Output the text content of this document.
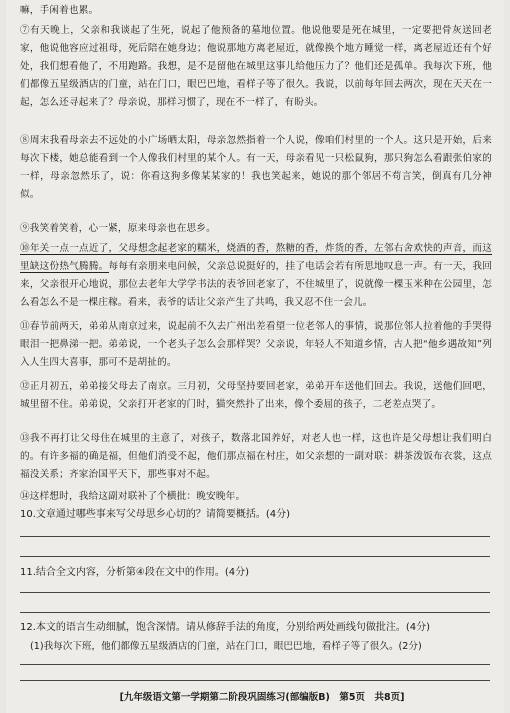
嘛，手闲着也累。

⑦有天晚上，父亲和我谈起了生死，说起了他预备的墓地位置。他说他要是死在城里，一定要把骨灰送回老家，他说他容应过祖母，死后陪在她身边；他说那地方离老屋近，就像换个地方睡觉一样，离老屋近还有个好处，我们想看他了，不用跑路。我想，是不是留他在城里这事儿给他压力了？他们还是孤单。我每次下班，他们都像五星级酒店的门童，站在门口，眼巴巴地，看样子等了很久。我说，以前每年回去两次，现在天天在一起，怎么还寻起来了？母亲说，那样习惯了，现在不一样了，有盼头。

⑧周末我看母亲去不远处的小广场晒太阳，母亲忽然指着一个人说，像咱们村里的一个人。这只是开始，后来每次下楼，她总能看到一个人像我们村里的某个人。有一天，母亲看见一只松鼠狗，那只狗怎么看跟张伯家的一样，母亲忽然乐了，说：你看这狗多像某某家的！我也笑起来，她说的那个邻居不苟言笑，倒真有几分神似。

⑨我笑着笑着，心一紧，原来母亲也在思乡。

⑩年关一点一点近了，父母想念起老家的糯米，烧酒的香，熬糖的香，炸货的香，左邻右舍欢快的声音，而这里缺这份热气腾腾。每每有亲朋来电问候，父亲总说挺好的，挂了电话会若有所思地叹息一声。有一天，我回来，父亲很开心地说，那位去老年大学学书法的表爷回老家了，不住城里了，说就像一棵玉米种在公园里，怎么看怎么不是一棵庄稼。看来，表爷的话让父亲产生了共鸣，我又忍不住一会儿。

⑪春节前两天，弟弟从南京过来，说起前不久去广州出差看望一位老邻人的事情，说那位邻人拉着他的手哭得眼泪一把鼻涕一把。弟弟说，一个老头子怎么会那样哭？父亲说，年轻人不知道乡情，古人把“他乡遇故知”列入人生四大喜事，那可不是胡扯的。

⑫正月初五，弟弟接父母去了南京。三月初，父母坚持要回老家，弟弟开车送他们回去。我说，送他们回吧，城里留不住。弟弟说，父亲打开老家的门时，猫突然扑了出来，像个委屈的孩子，二老差点哭了。

⑬我不再打让父母住在城里的主意了，对孩子，数落北国养好，对老人也一样，这也许是父母想让我们明白的。有许多福的确是福，但他们消受不起，他们那点福在村庄，如父亲想的一副对联：耕茶泼饭布衣裳，这点福没关系；齐家治国平天下，那些事对不起。

⑭这样想时，我给这副对联补了个横批：晚安晚年。

10.文章通过哪些事来写父母思乡心切的？请简要概括。(4分)
11.结合全文内容，分析第④段在文中的作用。(4分)
12.本文的语言生动细腻，饱含深情。请从修辞手法的角度，分别给两处画线句做批注。(4分)
(1)我每次下班，他们都像五星级酒店的门童，站在门口，眼巴巴地，看样子等了很久。(2分)
[九年级语文第一学期第二阶段巩固练习(部编版B)　第5页　共8页]
